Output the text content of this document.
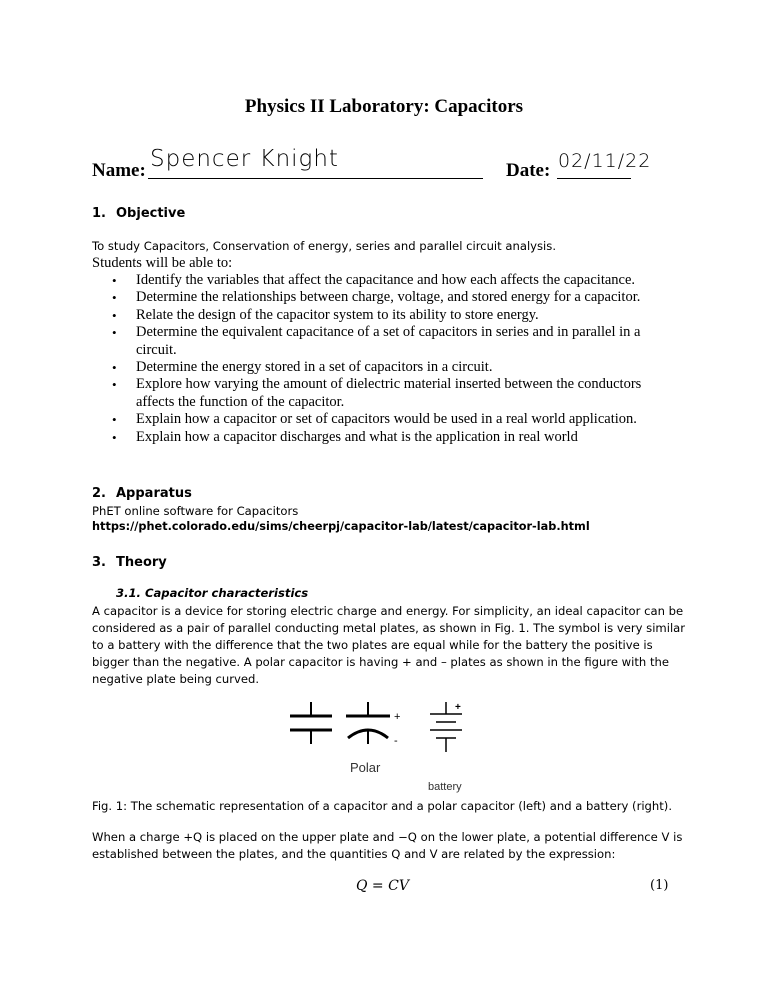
Physics II Laboratory: Capacitors
Name: Spencer Knight	Date: 02/11/22
1. Objective
To study Capacitors, Conservation of energy, series and parallel circuit analysis.
Students will be able to:
• Identify the variables that affect the capacitance and how each affects the capacitance.
• Determine the relationships between charge, voltage, and stored energy for a capacitor.
• Relate the design of the capacitor system to its ability to store energy.
• Determine the equivalent capacitance of a set of capacitors in series and in parallel in a circuit.
• Determine the energy stored in a set of capacitors in a circuit.
• Explore how varying the amount of dielectric material inserted between the conductors affects the function of the capacitor.
• Explain how a capacitor or set of capacitors would be used in a real world application.
• Explain how a capacitor discharges and what is the application in real world
2. Apparatus
PhET online software for Capacitors
https://phet.colorado.edu/sims/cheerpj/capacitor-lab/latest/capacitor-lab.html
3. Theory
3.1. Capacitor characteristics
A capacitor is a device for storing electric charge and energy. For simplicity, an ideal capacitor can be considered as a pair of parallel conducting metal plates, as shown in Fig. 1. The symbol is very similar to a battery with the difference that the two plates are equal while for the battery the positive is bigger than the negative. A polar capacitor is having + and – plates as shown in the figure with the negative plate being curved.
+
-
Polar
+
battery
Fig. 1: The schematic representation of a capacitor and a polar capacitor (left) and a battery (right).
When a charge +Q is placed on the upper plate and −Q on the lower plate, a potential difference V is established between the plates, and the quantities Q and V are related by the expression:
Q = CV	(1)
